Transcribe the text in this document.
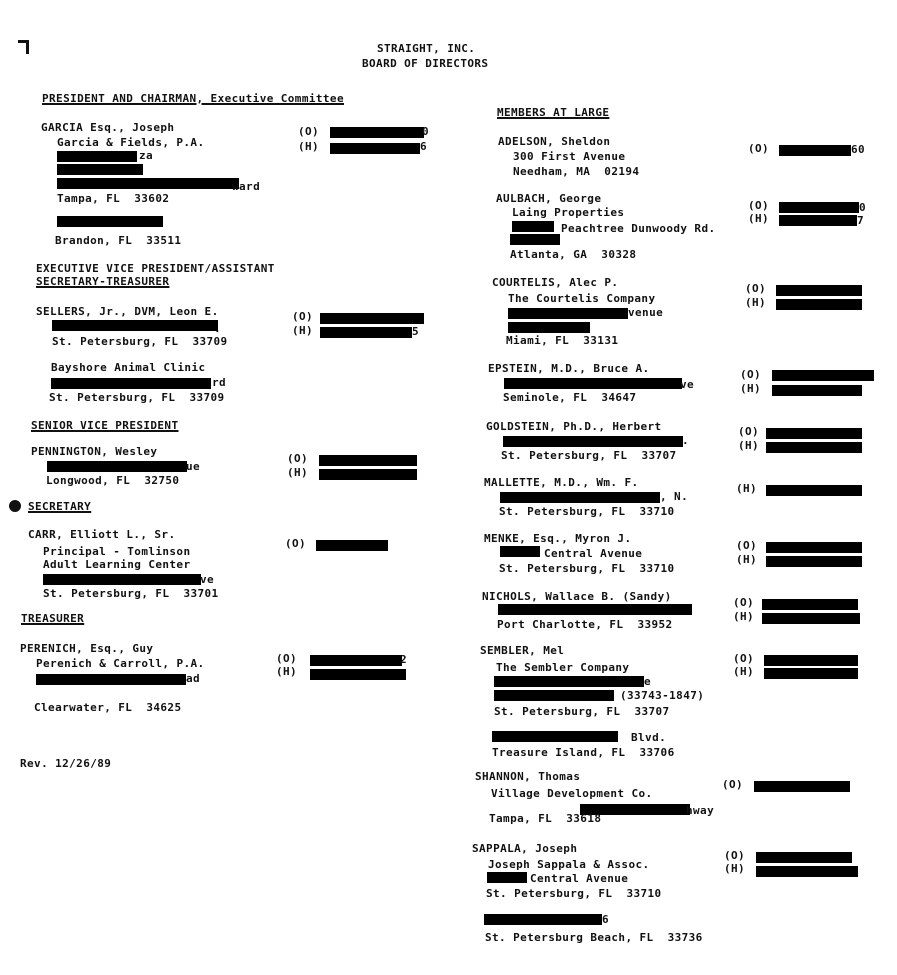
STRAIGHT, INC.
BOARD OF DIRECTORS
PRESIDENT AND CHAIRMAN, Executive Committee
GARCIA Esq., Joseph
Garcia & Fields, P.A.
za
ward
Tampa, FL  33602
Brandon, FL  33511
(O)	0
(H)	6
EXECUTIVE VICE PRESIDENT/ASSISTANT
SECRETARY-TREASURER
SELLERS, Jr., DVM, Leon E.
.
St. Petersburg, FL  33709
Bayshore Animal Clinic
rd
St. Petersburg, FL  33709
(O)
(H)	5
SENIOR VICE PRESIDENT
PENNINGTON, Wesley
ue
Longwood, FL  32750
(O)
(H)
SECRETARY
CARR, Elliott L., Sr.
Principal - Tomlinson
Adult Learning Center
ve
St. Petersburg, FL  33701
(O)
TREASURER
PERENICH, Esq., Guy
Perenich & Carroll, P.A.
ad
Clearwater, FL  34625
(O)	2
(H)
Rev. 12/26/89
MEMBERS AT LARGE
ADELSON, Sheldon
300 First Avenue
Needham, MA  02194
(O)	60
AULBACH, George
Laing Properties
Peachtree Dunwoody Rd.
Atlanta, GA  30328
(O)	0
(H)	7
COURTELIS, Alec P.
The Courtelis Company
venue
Miami, FL  33131
(O)
(H)
EPSTEIN, M.D., Bruce A.
ve
Seminole, FL  34647
(O)
(H)
GOLDSTEIN, Ph.D., Herbert
.
St. Petersburg, FL  33707
(O)
(H)
MALLETTE, M.D., Wm. F.
, N.
St. Petersburg, FL  33710
(H)
MENKE, Esq., Myron J.
Central Avenue
St. Petersburg, FL  33710
(O)
(H)
NICHOLS, Wallace B. (Sandy)
Port Charlotte, FL  33952
(O)
(H)
SEMBLER, Mel
The Sembler Company
e
(33743-1847)
St. Petersburg, FL  33707
Blvd.
Treasure Island, FL  33706
(O)
(H)
SHANNON, Thomas
Village Development Co.
hway
Tampa, FL  33618
(O)
SAPPALA, Joseph
Joseph Sappala & Assoc.
Central Avenue
St. Petersburg, FL  33710
6
St. Petersburg Beach, FL  33736
(O)
(H)
